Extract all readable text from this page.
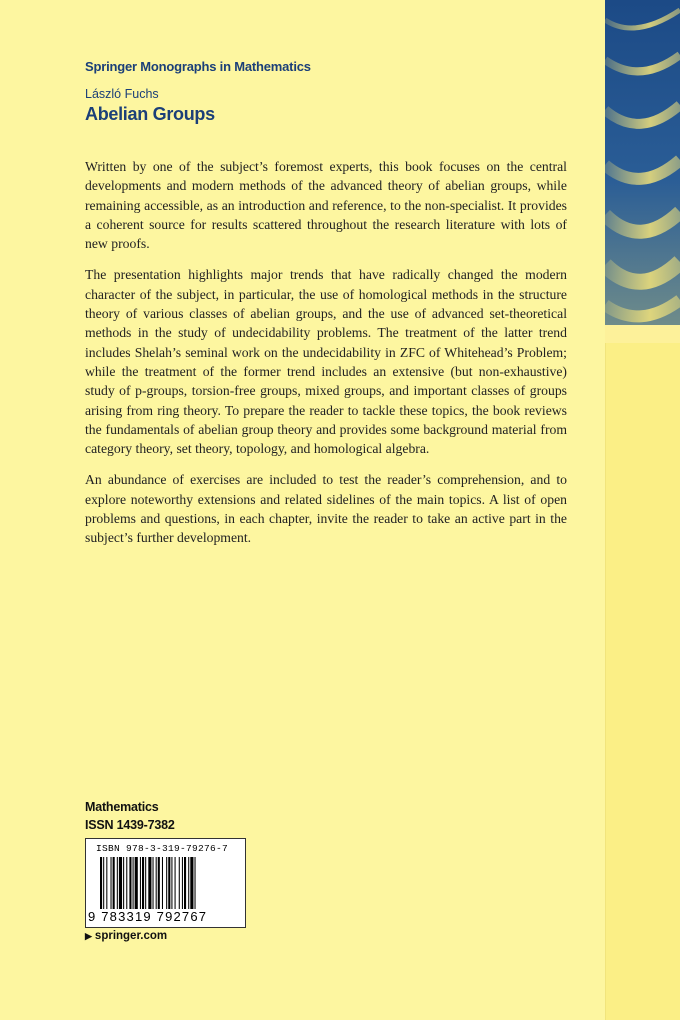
Springer Monographs in Mathematics
László Fuchs
Abelian Groups

Written by one of the subject’s foremost experts, this book focuses on the central developments and modern methods of the advanced theory of abelian groups, while remaining accessible, as an introduction and reference, to the non-specialist. It provides a coherent source for results scattered throughout the research literature with lots of new proofs.

The presentation highlights major trends that have radically changed the modern character of the subject, in particular, the use of homological methods in the structure theory of various classes of abelian groups, and the use of advanced set-theoretical methods in the study of undecidability problems. The treatment of the latter trend includes Shelah’s seminal work on the undecidability in ZFC of Whitehead’s Problem; while the treatment of the former trend includes an extensive (but non-exhaustive) study of p-groups, torsion-free groups, mixed groups, and important classes of groups arising from ring theory. To prepare the reader to tackle these topics, the book reviews the fundamentals of abelian group theory and provides some background material from category theory, set theory, topology, and homological algebra.

An abundance of exercises are included to test the reader’s comprehension, and to explore noteworthy extensions and related sidelines of the main topics. A list of open problems and questions, in each chapter, invite the reader to take an active part in the subject’s further development.

Mathematics
ISSN 1439-7382
ISBN 978-3-319-79276-7
9 783319 792767
▶ springer.com
